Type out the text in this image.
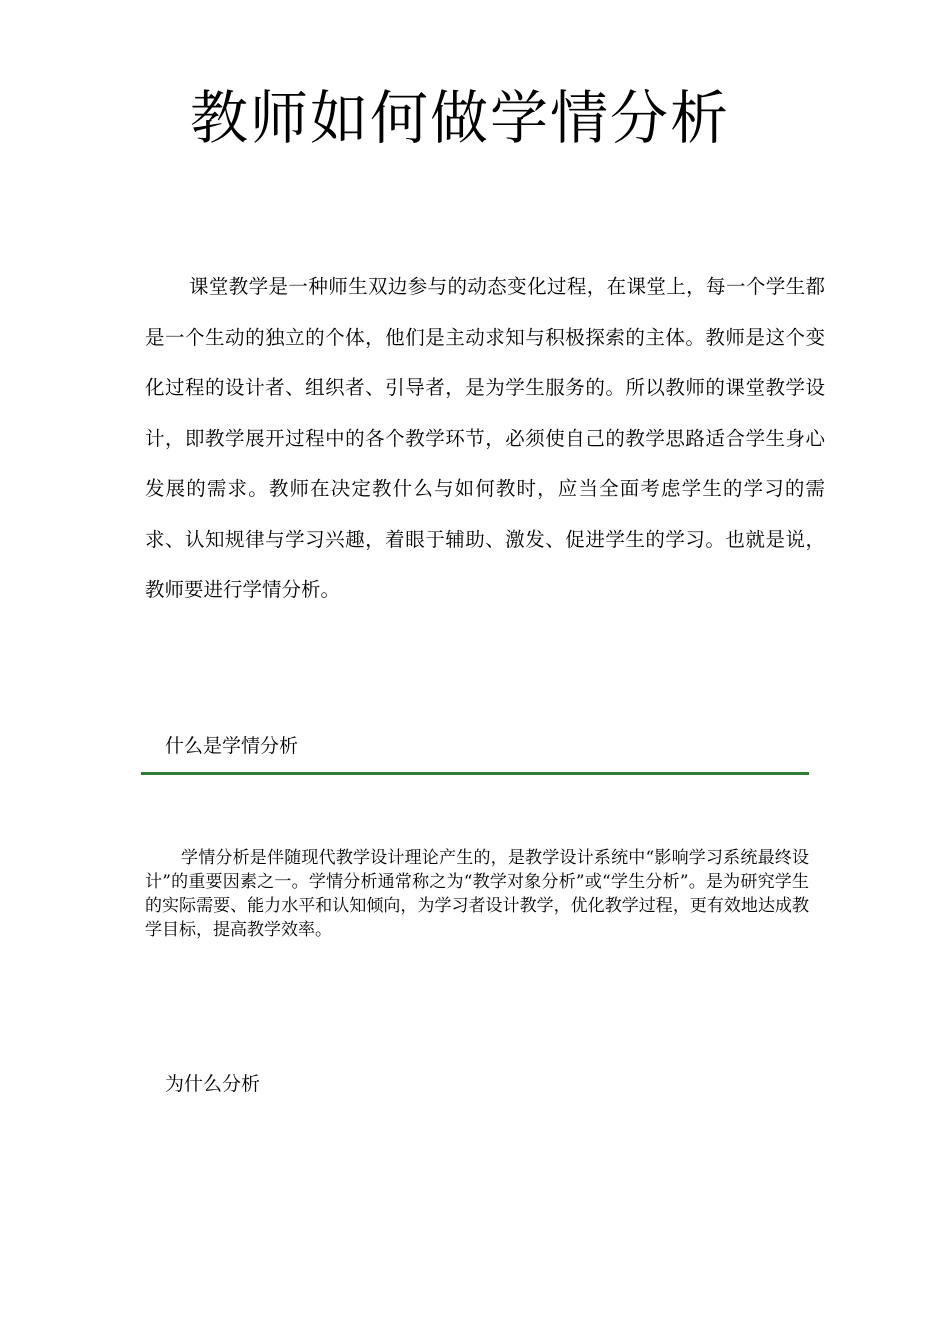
教师如何做学情分析

课堂教学是一种师生双边参与的动态变化过程，在课堂上，每一个学生都是一个生动的独立的个体，他们是主动求知与积极探索的主体。教师是这个变化过程的设计者、组织者、引导者，是为学生服务的。所以教师的课堂教学设计，即教学展开过程中的各个教学环节，必须使自己的教学思路适合学生身心发展的需求。教师在决定教什么与如何教时，应当全面考虑学生的学习的需求、认知规律与学习兴趣，着眼于辅助、激发、促进学生的学习。也就是说，教师要进行学情分析。

什么是学情分析

学情分析是伴随现代教学设计理论产生的，是教学设计系统中“影响学习系统最终设计”的重要因素之一。学情分析通常称之为“教学对象分析”或“学生分析”。是为研究学生的实际需要、能力水平和认知倾向，为学习者设计教学，优化教学过程，更有效地达成教学目标，提高教学效率。

为什么分析
